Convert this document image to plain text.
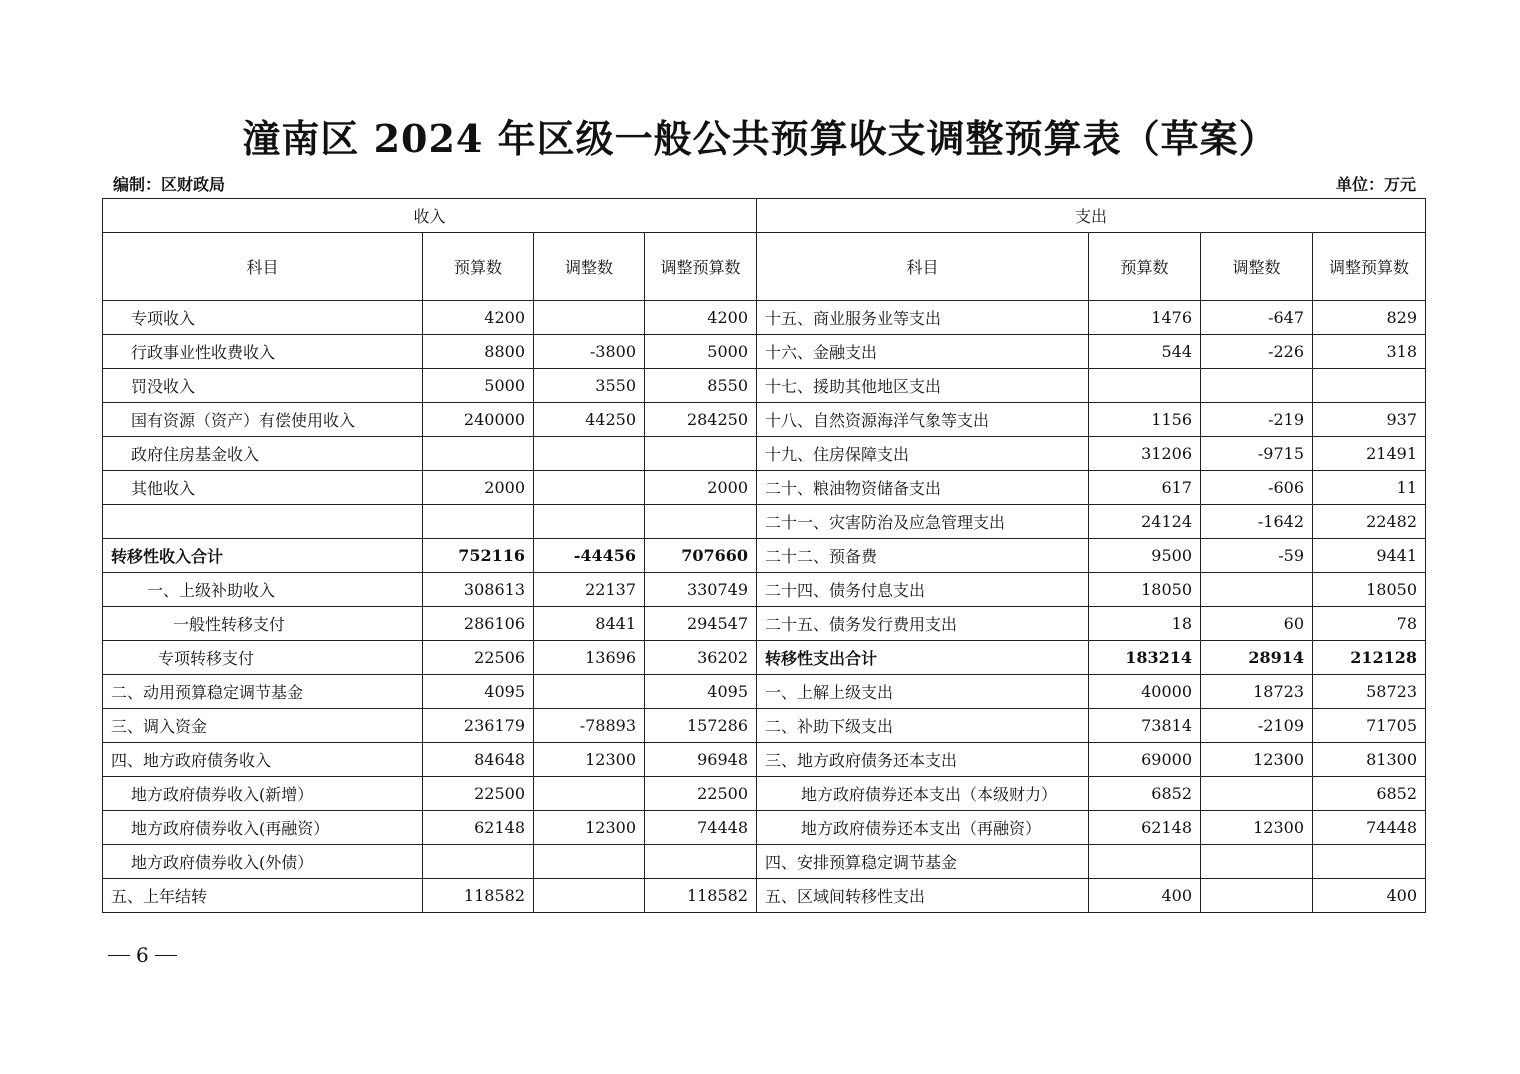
潼南区 2024 年区级一般公共预算收支调整预算表（草案）
编制：区财政局	单位：万元
收入				支出			
科目	预算数	调整数	调整预算数	科目	预算数	调整数	调整预算数
专项收入	4200		4200	十五、商业服务业等支出	1476	-647	829
行政事业性收费收入	8800	-3800	5000	十六、金融支出	544	-226	318
罚没收入	5000	3550	8550	十七、援助其他地区支出			
国有资源（资产）有偿使用收入	240000	44250	284250	十八、自然资源海洋气象等支出	1156	-219	937
政府住房基金收入				十九、住房保障支出	31206	-9715	21491
其他收入	2000		2000	二十、粮油物资储备支出	617	-606	11
				二十一、灾害防治及应急管理支出	24124	-1642	22482
转移性收入合计	752116	-44456	707660	二十二、预备费	9500	-59	9441
一、上级补助收入	308613	22137	330749	二十四、债务付息支出	18050		18050
一般性转移支付	286106	8441	294547	二十五、债务发行费用支出	18	60	78
专项转移支付	22506	13696	36202	转移性支出合计	183214	28914	212128
二、动用预算稳定调节基金	4095		4095	一、上解上级支出	40000	18723	58723
三、调入资金	236179	-78893	157286	二、补助下级支出	73814	-2109	71705
四、地方政府债务收入	84648	12300	96948	三、地方政府债务还本支出	69000	12300	81300
地方政府债券收入(新增）	22500		22500	地方政府债券还本支出（本级财力）	6852		6852
地方政府债券收入(再融资）	62148	12300	74448	地方政府债券还本支出（再融资）	62148	12300	74448
地方政府债券收入(外债）				四、安排预算稳定调节基金			
五、上年结转	118582		118582	五、区域间转移性支出	400		400
6
